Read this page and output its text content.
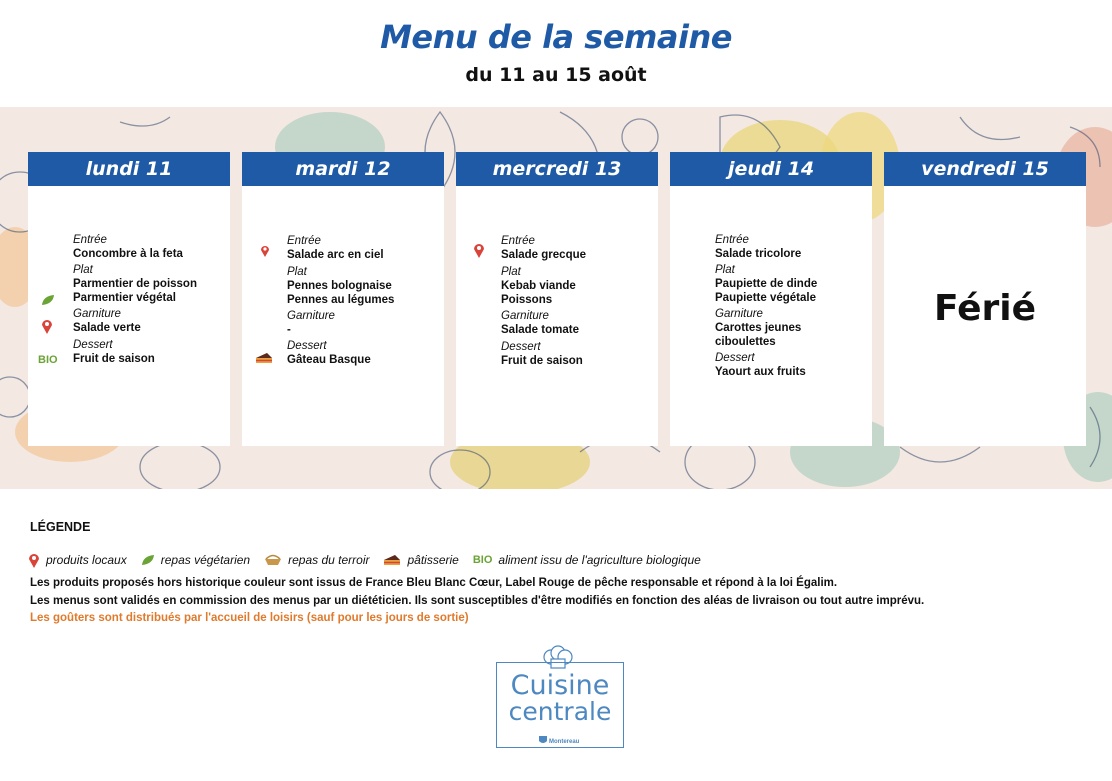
Menu de la semaine
du 11 au 15 août
lundi 11
Entrée
Concombre à la feta
Plat
Parmentier de poisson
Parmentier végétal
Garniture
Salade verte
Dessert
Fruit de saison
BIO
mardi 12
Entrée
Salade arc en ciel
Plat
Pennes bolognaise
Pennes au légumes
Garniture
-
Dessert
Gâteau Basque
mercredi 13
Entrée
Salade grecque
Plat
Kebab viande
Poissons
Garniture
Salade tomate
Dessert
Fruit de saison
jeudi 14
Entrée
Salade tricolore
Plat
Paupiette de dinde
Paupiette végétale
Garniture
Carottes jeunes
ciboulettes
Dessert
Yaourt aux fruits
vendredi 15
Férié
LÉGENDE
produits locaux	repas végétarien	repas du terroir	pâtisserie BIO aliment issu de l'agriculture biologique
Les produits proposés hors historique couleur sont issus de France Bleu Blanc Cœur, Label Rouge de pêche responsable et répond à la loi Égalim.
Les menus sont validés en commission des menus par un diététicien. Ils sont susceptibles d'être modifiés en fonction des aléas de livraison ou tout autre imprévu.
Les goûters sont distribués par l'accueil de loisirs (sauf pour les jours de sortie)
Cuisine
centrale
Montereau
